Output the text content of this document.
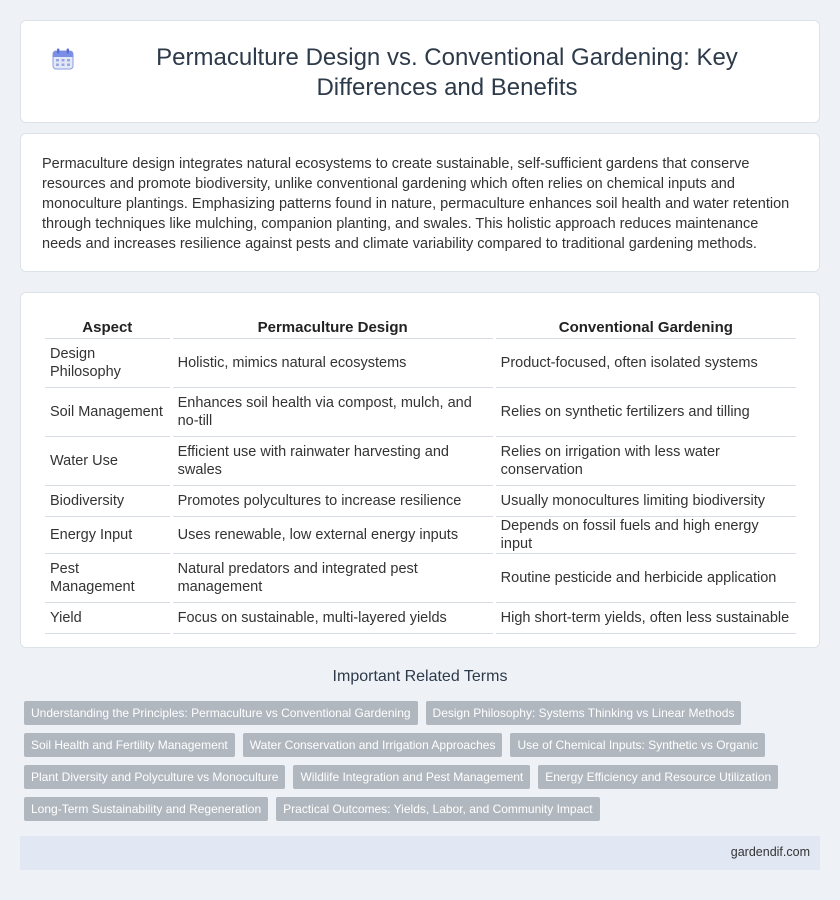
Permaculture Design vs. Conventional Gardening: Key Differences and Benefits

Permaculture design integrates natural ecosystems to create sustainable, self-sufficient gardens that conserve resources and promote biodiversity, unlike conventional gardening which often relies on chemical inputs and monoculture plantings. Emphasizing patterns found in nature, permaculture enhances soil health and water retention through techniques like mulching, companion planting, and swales. This holistic approach reduces maintenance needs and increases resilience against pests and climate variability compared to traditional gardening methods.

Aspect	Permaculture Design	Conventional Gardening
Design Philosophy	Holistic, mimics natural ecosystems	Product-focused, often isolated systems
Soil Management	Enhances soil health via compost, mulch, and no-till	Relies on synthetic fertilizers and tilling
Water Use	Efficient use with rainwater harvesting and swales	Relies on irrigation with less water conservation
Biodiversity	Promotes polycultures to increase resilience	Usually monocultures limiting biodiversity
Energy Input	Uses renewable, low external energy inputs	Depends on fossil fuels and high energy input
Pest Management	Natural predators and integrated pest management	Routine pesticide and herbicide application
Yield	Focus on sustainable, multi-layered yields	High short-term yields, often less sustainable
Important Related Terms
Understanding the Principles: Permaculture vs Conventional Gardening	Design Philosophy: Systems Thinking vs Linear Methods
Soil Health and Fertility Management	Water Conservation and Irrigation Approaches	Use of Chemical Inputs: Synthetic vs Organic
Plant Diversity and Polyculture vs Monoculture	Wildlife Integration and Pest Management	Energy Efficiency and Resource Utilization
Long-Term Sustainability and Regeneration	Practical Outcomes: Yields, Labor, and Community Impact
gardendif.com
